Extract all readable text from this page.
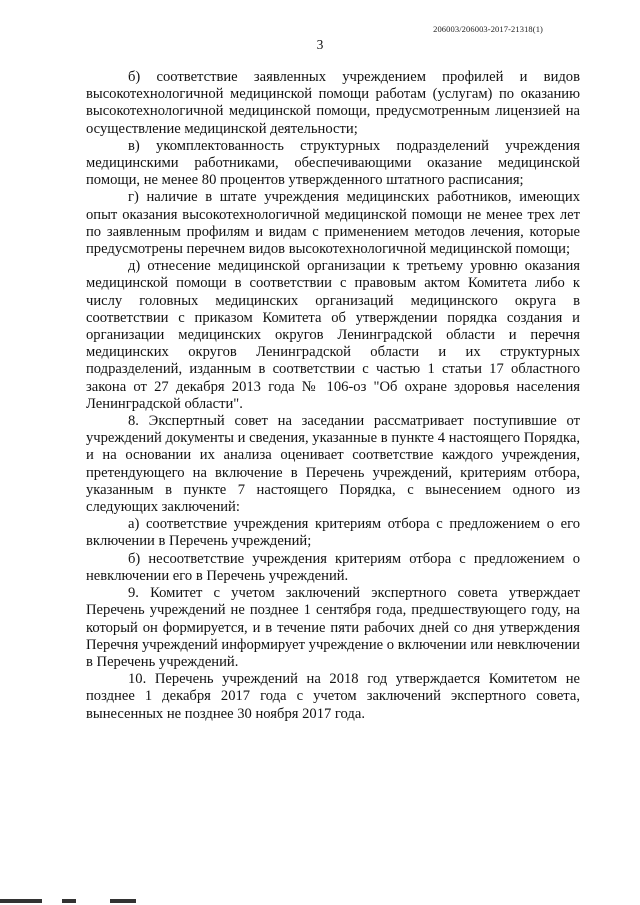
206003/206003-2017-21318(1)
3

б) соответствие заявленных учреждением профилей и видов высокотехнологичной медицинской помощи работам (услугам) по оказанию высокотехнологичной медицинской помощи, предусмотренным лицензией на осуществление медицинской деятельности;

в) укомплектованность структурных подразделений учреждения медицинскими работниками, обеспечивающими оказание медицинской помощи, не менее 80 процентов утвержденного штатного расписания;

г) наличие в штате учреждения медицинских работников, имеющих опыт оказания высокотехнологичной медицинской помощи не менее трех лет по заявленным профилям и видам с применением методов лечения, которые предусмотрены перечнем видов высокотехнологичной медицинской помощи;

д) отнесение медицинской организации к третьему уровню оказания медицинской помощи в соответствии с правовым актом Комитета либо к числу головных медицинских организаций медицинского округа в соответствии с приказом Комитета об утверждении порядка создания и организации медицинских округов Ленинградской области и перечня медицинских округов Ленинградской области и их структурных подразделений, изданным в соответствии с частью 1 статьи 17 областного закона от 27 декабря 2013 года № 106-оз "Об охране здоровья населения Ленинградской области".

8. Экспертный совет на заседании рассматривает поступившие от учреждений документы и сведения, указанные в пункте 4 настоящего Порядка, и на основании их анализа оценивает соответствие каждого учреждения, претендующего на включение в Перечень учреждений, критериям отбора, указанным в пункте 7 настоящего Порядка, с вынесением одного из следующих заключений:

а) соответствие учреждения критериям отбора с предложением о его включении в Перечень учреждений;

б) несоответствие учреждения критериям отбора с предложением о невключении его в Перечень учреждений.

9. Комитет с учетом заключений экспертного совета утверждает Перечень учреждений не позднее 1 сентября года, предшествующего году, на который он формируется, и в течение пяти рабочих дней со дня утверждения Перечня учреждений информирует учреждение о включении или невключении в Перечень учреждений.

10. Перечень учреждений на 2018 год утверждается Комитетом не позднее 1 декабря 2017 года с учетом заключений экспертного совета, вынесенных не позднее 30 ноября 2017 года.
